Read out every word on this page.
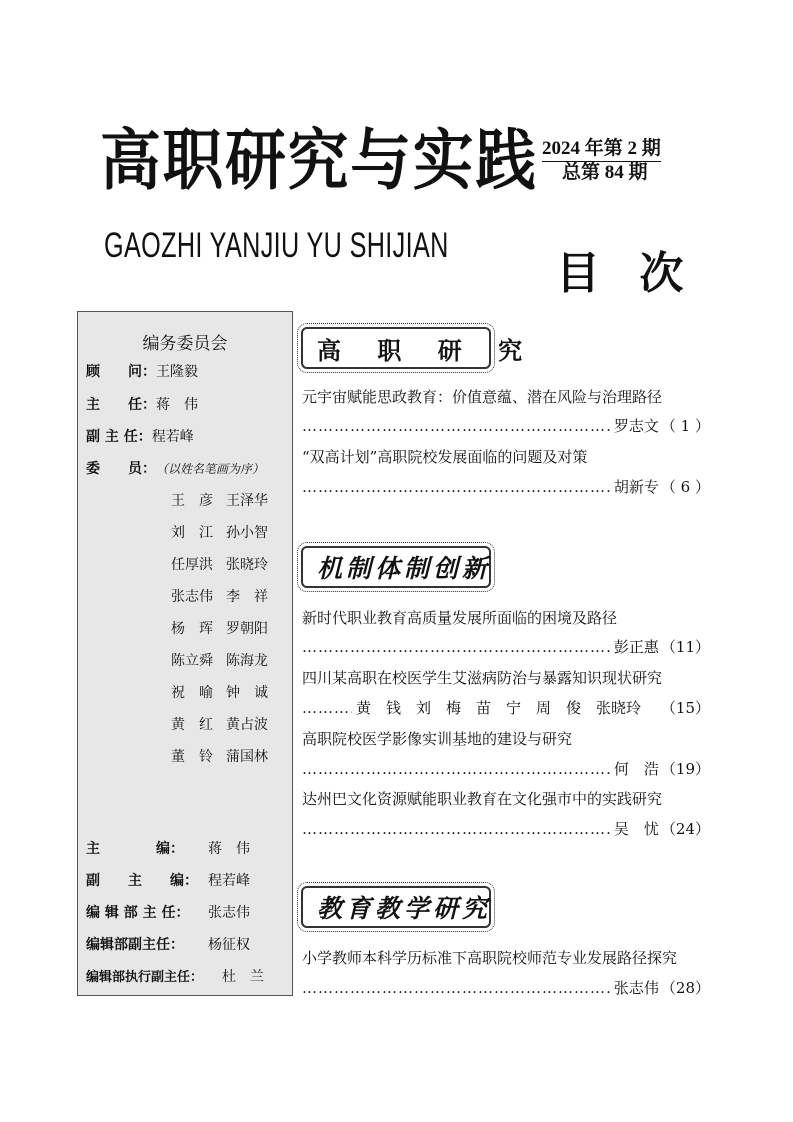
高职研究与实践
GAOZHI YANJIU YU SHIJIAN
2024 年第 2 期
总第 84 期
目 次
编务委员会
顾　　问：王隆毅
主　　任：蒋　伟
副 主 任：程若峰
委　　员：（以姓名笔画为序）
王　彦 王泽华
刘　江 孙小智
任厚洪 张晓玲
张志伟 李　祥
杨　珲 罗朝阳
陈立舜 陈海龙
祝　喻 钟　诚
黄　红 黄占波
董　铃 蒲国林
主　　　　编： 蒋　伟
副　　主　　编： 程若峰
编 辑 部 主 任： 张志伟
编辑部副主任： 杨征权
编辑部执行副主任： 杜　兰
高 职 研 究
元宇宙赋能思政教育：价值意蕴、潜在风险与治理路径
……………………………………………………………………………………………………………………
罗志文 （ 1 ）
“双高计划”高职院校发展面临的问题及对策
……………………………………………………………………………………………………………………
胡新专 （ 6 ）
机制体制创新
新时代职业教育高质量发展所面临的困境及路径
……………………………………………………………………………………………………………………
彭正惠 （11）
四川某高职在校医学生艾滋病防治与暴露知识现状研究
……………………………………………………………………………………………………………………
黄　钱　刘　梅　苗　宁　周　俊　张晓玲	（15）
高职院校医学影像实训基地的建设与研究
……………………………………………………………………………………………………………………
何　浩 （19）
达州巴文化资源赋能职业教育在文化强市中的实践研究
……………………………………………………………………………………………………………………
吴　忧 （24）
教育教学研究
小学教师本科学历标准下高职院校师范专业发展路径探究
……………………………………………………………………………………………………………………
张志伟 （28）
